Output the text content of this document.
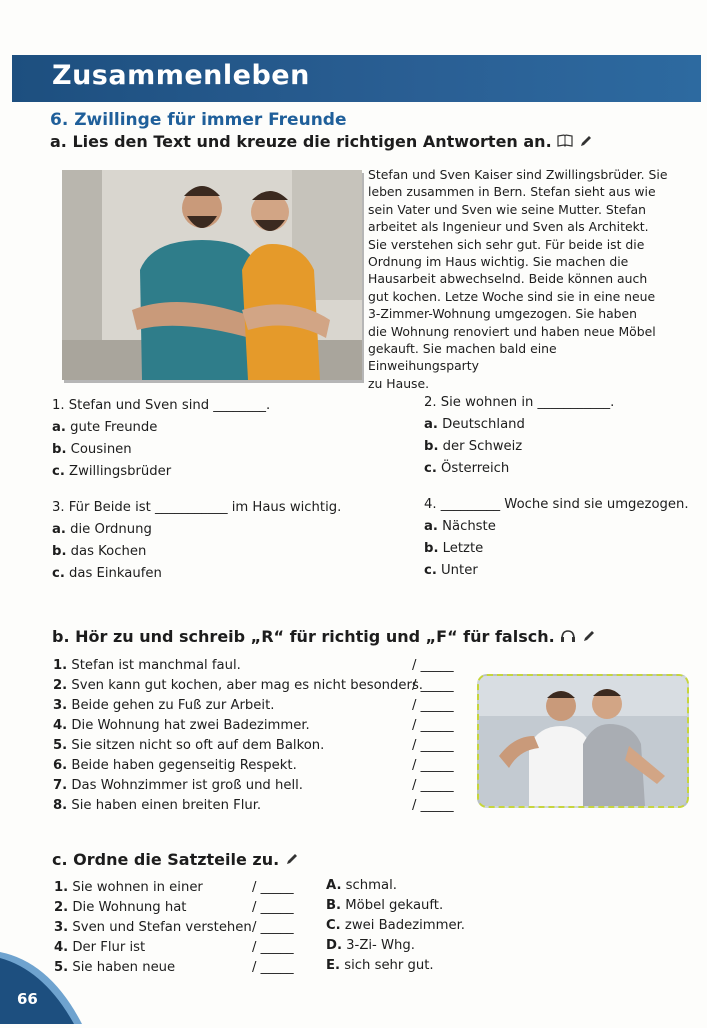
Zusammenleben
6. Zwillinge für immer Freunde
a. Lies den Text und kreuze die richtigen Antworten an.
Stefan und Sven Kaiser sind Zwillingsbrüder. Sie
leben zusammen in Bern. Stefan sieht aus wie
sein Vater und Sven wie seine Mutter. Stefan
arbeitet als Ingenieur und Sven als Architekt.
Sie verstehen sich sehr gut. Für beide ist die
Ordnung im Haus wichtig. Sie machen die
Hausarbeit abwechselnd. Beide können auch
gut kochen. Letze Woche sind sie in eine neue
3-Zimmer-Wohnung umgezogen. Sie haben
die Wohnung renoviert und haben neue Möbel
gekauft. Sie machen bald eine Einweihungsparty
zu Hause.
1. Stefan und Sven sind ________.
a. gute Freunde
b. Cousinen
c. Zwillingsbrüder
2. Sie wohnen in ___________.
a. Deutschland
b. der Schweiz
c. Österreich
3. Für Beide ist ___________ im Haus wichtig.
a. die Ordnung
b. das Kochen
c. das Einkaufen
4. _________ Woche sind sie umgezogen.
a. Nächste
b. Letzte
c. Unter
b. Hör zu und schreib „R“ für richtig und „F“ für falsch.
1. Stefan ist manchmal faul.
2. Sven kann gut kochen, aber mag es nicht besonders.
3. Beide gehen zu Fuß zur Arbeit.
4. Die Wohnung hat zwei Badezimmer.
5. Sie sitzen nicht so oft auf dem Balkon.
6. Beide haben gegenseitig Respekt.
7. Das Wohnzimmer ist groß und hell.
8. Sie haben einen breiten Flur.
/ _____
/ _____
/ _____
/ _____
/ _____
/ _____
/ _____
/ _____
c. Ordne die Satzteile zu.
1. Sie wohnen in einer
2. Die Wohnung hat
3. Sven und Stefan verstehen
4. Der Flur ist
5. Sie haben neue
/ _____
/ _____
/ _____
/ _____
/ _____
A. schmal.
B. Möbel gekauft.
C. zwei Badezimmer.
D. 3-Zi- Whg.
E. sich sehr gut.
66
